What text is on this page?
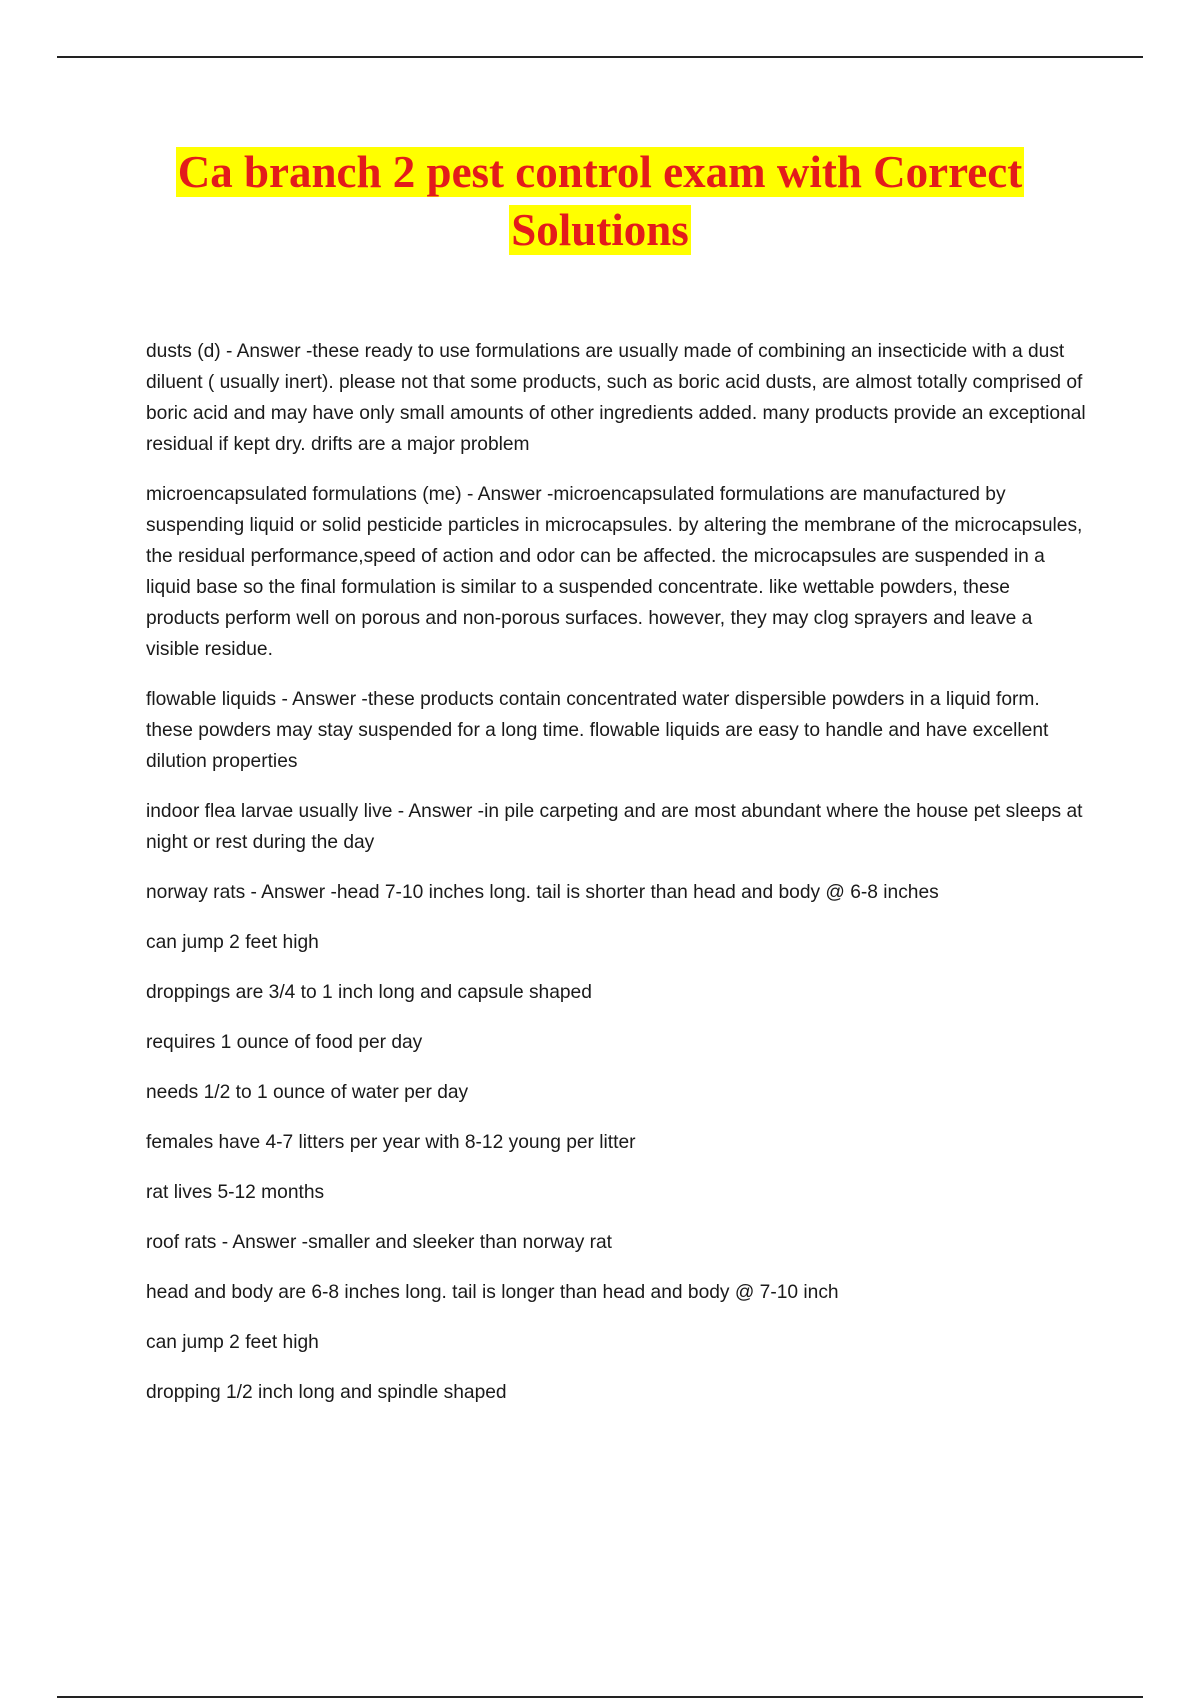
Ca branch 2 pest control exam with Correct
Solutions

dusts (d) - Answer -these ready to use formulations are usually made of combining an insecticide with a dust diluent ( usually inert). please not that some products, such as boric acid dusts, are almost totally comprised of boric acid and may have only small amounts of other ingredients added. many products provide an exceptional residual if kept dry. drifts are a major problem

microencapsulated formulations (me) - Answer -microencapsulated formulations are manufactured by suspending liquid or solid pesticide particles in microcapsules. by altering the membrane of the microcapsules, the residual performance,speed of action and odor can be affected. the microcapsules are suspended in a liquid base so the final formulation is similar to a suspended concentrate. like wettable powders, these products perform well on porous and non-porous surfaces. however, they may clog sprayers and leave a visible residue.

flowable liquids - Answer -these products contain concentrated water dispersible powders in a liquid form. these powders may stay suspended for a long time. flowable liquids are easy to handle and have excellent dilution properties

indoor flea larvae usually live - Answer -in pile carpeting and are most abundant where the house pet sleeps at night or rest during the day

norway rats - Answer -head 7-10 inches long. tail is shorter than head and body @ 6-8 inches

can jump 2 feet high

droppings are 3/4 to 1 inch long and capsule shaped

requires 1 ounce of food per day

needs 1/2 to 1 ounce of water per day

females have 4-7 litters per year with 8-12 young per litter

rat lives 5-12 months

roof rats - Answer -smaller and sleeker than norway rat

head and body are 6-8 inches long. tail is longer than head and body @ 7-10 inch

can jump 2 feet high

dropping 1/2 inch long and spindle shaped
